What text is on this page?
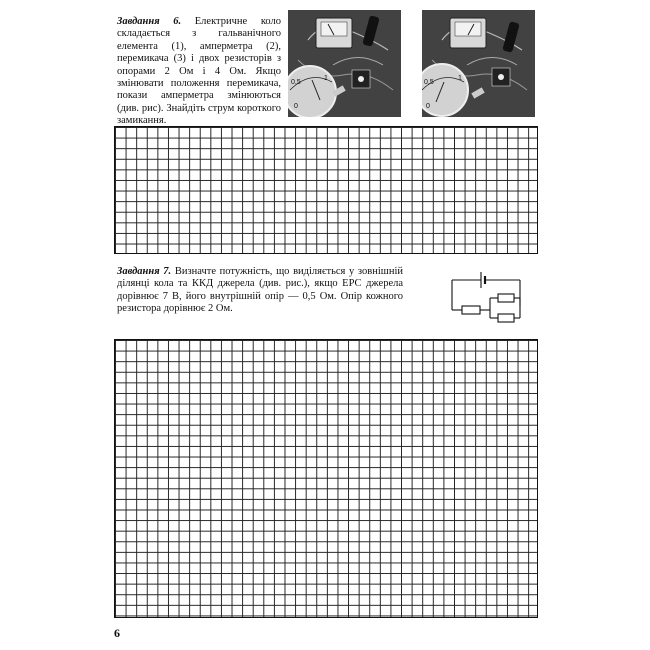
Завдання 6. Електричне коло складається з гальванічного елемента (1), амперметра (2), перемикача (3) і двох резисторів з опорами 2 Ом і 4 Ом. Якщо змінювати положення перемикача, покази амперметра змінюються (див. рис). Знайдіть струм короткого замикання.
0,5
1
0
0,5
1
0
Завдання 7. Визначте потужність, що виділяється у зовнішній ділянці кола та ККД джерела (див. рис.), якщо ЕРС джерела дорівнює 7 В, його внутрішній опір — 0,5 Ом. Опір кожного резистора дорівнює 2 Ом.
6
